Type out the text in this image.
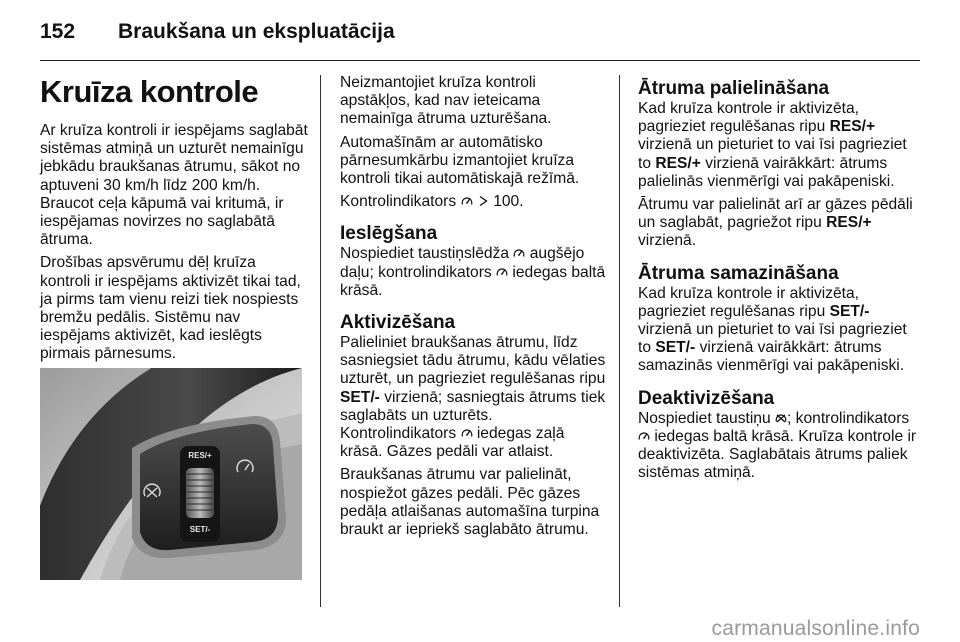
152 Braukšana un ekspluatācija
Kruīza kontrole

Ar kruīza kontroli ir iespējams saglabāt sistēmas atmiņā un uzturēt nemainīgu jebkādu braukšanas ātrumu, sākot no aptuveni 30 km/h līdz 200 km/h. Braucot ceļa kāpumā vai kritumā, ir iespējamas novirzes no saglabātā ātruma.

Drošības apsvērumu dēļ kruīza kontroli ir iespējams aktivizēt tikai tad, ja pirms tam vienu reizi tiek nospiests bremžu pedālis. Sistēmu nav iespējams aktivizēt, kad ieslēgts pirmais pārnesums.

RES/+
SET/-

Neizmantojiet kruīza kontroli apstākļos, kad nav ieteicama nemainīga ātruma uzturēšana.

Automašīnām ar automātisko pārnesumkārbu izmantojiet kruīza kontroli tikai automātiskajā režīmā.

Kontrolindikators
100.

Ieslēgšana

Nospiediet taustiņslēdža augšējo daļu; kontrolindikators iedegas baltā krāsā.

Aktivizēšana

Palieliniet braukšanas ātrumu, līdz sasniegsiet tādu ātrumu, kādu vēlaties uzturēt, un pagrieziet regulēšanas ripu SET/- virzienā; sasniegtais ātrums tiek saglabāts un uzturēts. Kontrolindikators iedegas zaļā krāsā. Gāzes pedāli var atlaist.

Braukšanas ātrumu var palielināt, nospiežot gāzes pedāli. Pēc gāzes pedāļa atlaišanas automašīna turpina braukt ar iepriekš saglabāto ātrumu.

Ātruma palielināšana

Kad kruīza kontrole ir aktivizēta, pagrieziet regulēšanas ripu RES/+ virzienā un pieturiet to vai īsi pagrieziet to RES/+ virzienā vairākkārt: ātrums palielinās vienmērīgi vai pakāpeniski.

Ātrumu var palielināt arī ar gāzes pēdāli un saglabāt, pagriežot ripu RES/+ virzienā.

Ātruma samazināšana

Kad kruīza kontrole ir aktivizēta, pagrieziet regulēšanas ripu SET/- virzienā un pieturiet to vai īsi pagrieziet to SET/- virzienā vairākkārt: ātrums samazinās vienmērīgi vai pakāpeniski.

Deaktivizēšana

Nospiediet taustiņu ; kontrolindikators
iedegas baltā krāsā. Kruīza kontrole ir deaktivizēta. Saglabātais ātrums paliek sistēmas atmiņā.

carmanualsonline.info
